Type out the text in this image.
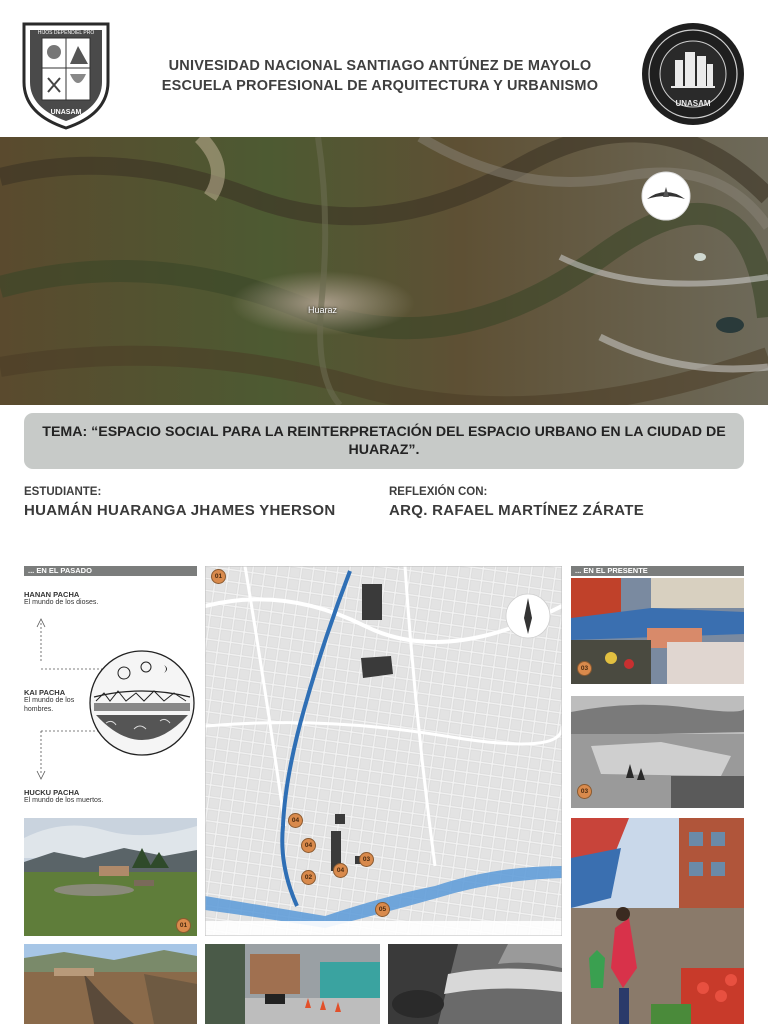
HIJOS DEPENDIEL PRO
UNASAM
UNIVESIDAD NACIONAL SANTIAGO ANTÚNEZ DE MAYOLO
ESCUELA PROFESIONAL DE ARQUITECTURA Y URBANISMO
UNASAM
Huaraz
TEMA: “ESPACIO SOCIAL PARA LA REINTERPRETACIÓN DEL ESPACIO URBANO EN LA CIUDAD DE HUARAZ”.
ESTUDIANTE:
HUAMÁN HUARANGA JHAMES YHERSON
REFLEXIÓN CON:
ARQ. RAFAEL MARTÍNEZ ZÁRATE
... EN EL PASADO
HANAN PACHA
El mundo de los dioses.
KAI PACHA
El mundo de los hombres.
HUCKU PACHA
El mundo de los muertos.
01
01
04
04
02
04
03
05
... EN EL PRESENTE
03
03
